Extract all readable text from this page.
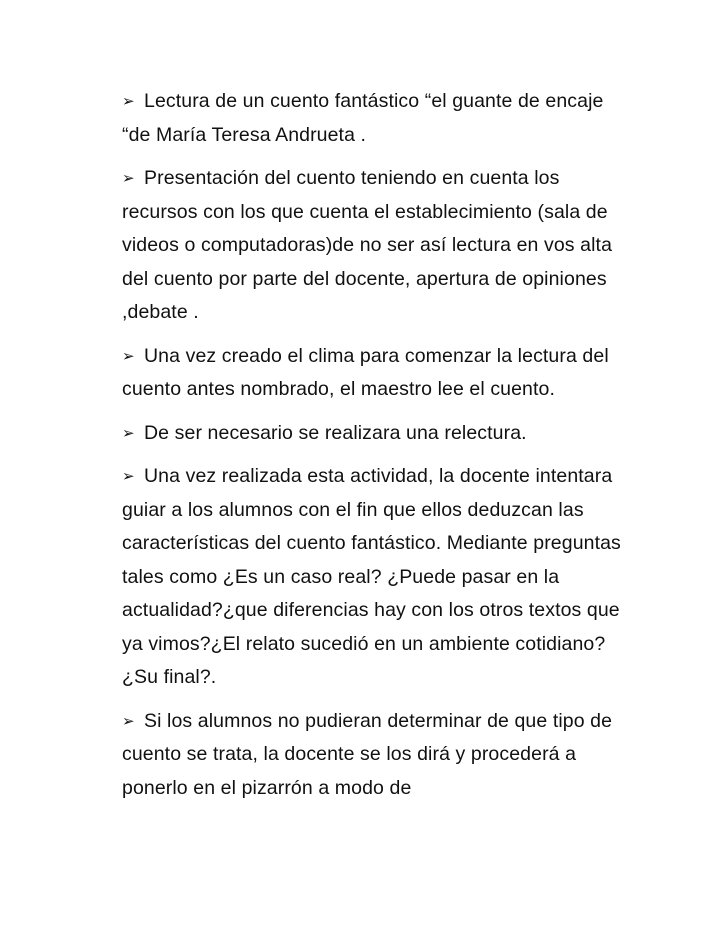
➢ Lectura de un cuento fantástico “el guante de encaje “de María Teresa Andrueta .

➢ Presentación del cuento teniendo en cuenta los recursos con los que cuenta el establecimiento (sala de videos o computadoras)de no ser así lectura en vos alta del cuento por parte del docente, apertura de opiniones ,debate .

➢ Una vez creado el clima para comenzar la lectura del cuento antes nombrado, el maestro lee el cuento.

➢ De ser necesario se realizara una relectura.

➢ Una vez realizada esta actividad, la docente intentara guiar a los alumnos con el fin que ellos deduzcan las características del cuento fantástico. Mediante preguntas tales como ¿Es un caso real? ¿Puede pasar en la actualidad?¿que diferencias hay con los otros textos que ya vimos?¿El relato sucedió en un ambiente cotidiano?¿Su final?.

➢ Si los alumnos no pudieran determinar de que tipo de cuento se trata, la docente se los dirá y procederá a ponerlo en el pizarrón a modo de
